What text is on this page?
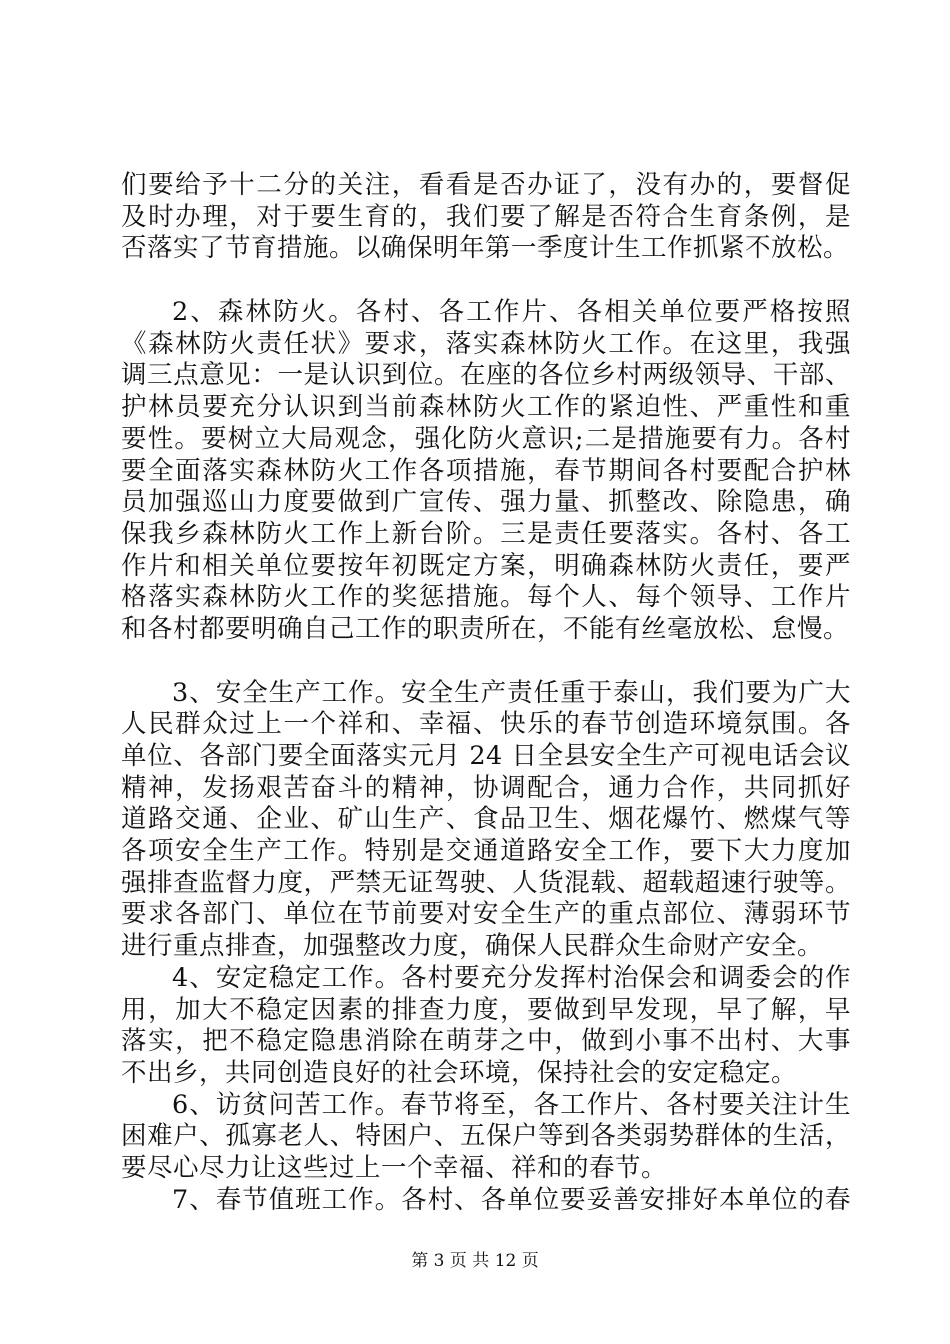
们要给予十二分的关注，看看是否办证了，没有办的，要督促
及时办理，对于要生育的，我们要了解是否符合生育条例，是
否落实了节育措施。以确保明年第一季度计生工作抓紧不放松。
2、森林防火。各村、各工作片、各相关单位要严格按照
《森林防火责任状》要求，落实森林防火工作。在这里，我强
调三点意见：一是认识到位。在座的各位乡村两级领导、干部、
护林员要充分认识到当前森林防火工作的紧迫性、严重性和重
要性。要树立大局观念，强化防火意识;二是措施要有力。各村
要全面落实森林防火工作各项措施，春节期间各村要配合护林
员加强巡山力度要做到广宣传、强力量、抓整改、除隐患，确
保我乡森林防火工作上新台阶。三是责任要落实。各村、各工
作片和相关单位要按年初既定方案，明确森林防火责任，要严
格落实森林防火工作的奖惩措施。每个人、每个领导、工作片
和各村都要明确自己工作的职责所在，不能有丝毫放松、怠慢。
3、安全生产工作。安全生产责任重于泰山，我们要为广大
人民群众过上一个祥和、幸福、快乐的春节创造环境氛围。各
单位、各部门要全面落实元月 24 日全县安全生产可视电话会议
精神，发扬艰苦奋斗的精神，协调配合，通力合作，共同抓好
道路交通、企业、矿山生产、食品卫生、烟花爆竹、燃煤气等
各项安全生产工作。特别是交通道路安全工作，要下大力度加
强排查监督力度，严禁无证驾驶、人货混载、超载超速行驶等。
要求各部门、单位在节前要对安全生产的重点部位、薄弱环节
进行重点排查，加强整改力度，确保人民群众生命财产安全。
4、安定稳定工作。各村要充分发挥村治保会和调委会的作
用，加大不稳定因素的排查力度，要做到早发现，早了解，早
落实，把不稳定隐患消除在萌芽之中，做到小事不出村、大事
不出乡，共同创造良好的社会环境，保持社会的安定稳定。
6、访贫问苦工作。春节将至，各工作片、各村要关注计生
困难户、孤寡老人、特困户、五保户等到各类弱势群体的生活，
要尽心尽力让这些过上一个幸福、祥和的春节。
7、春节值班工作。各村、各单位要妥善安排好本单位的春
第 3 页 共 12 页
